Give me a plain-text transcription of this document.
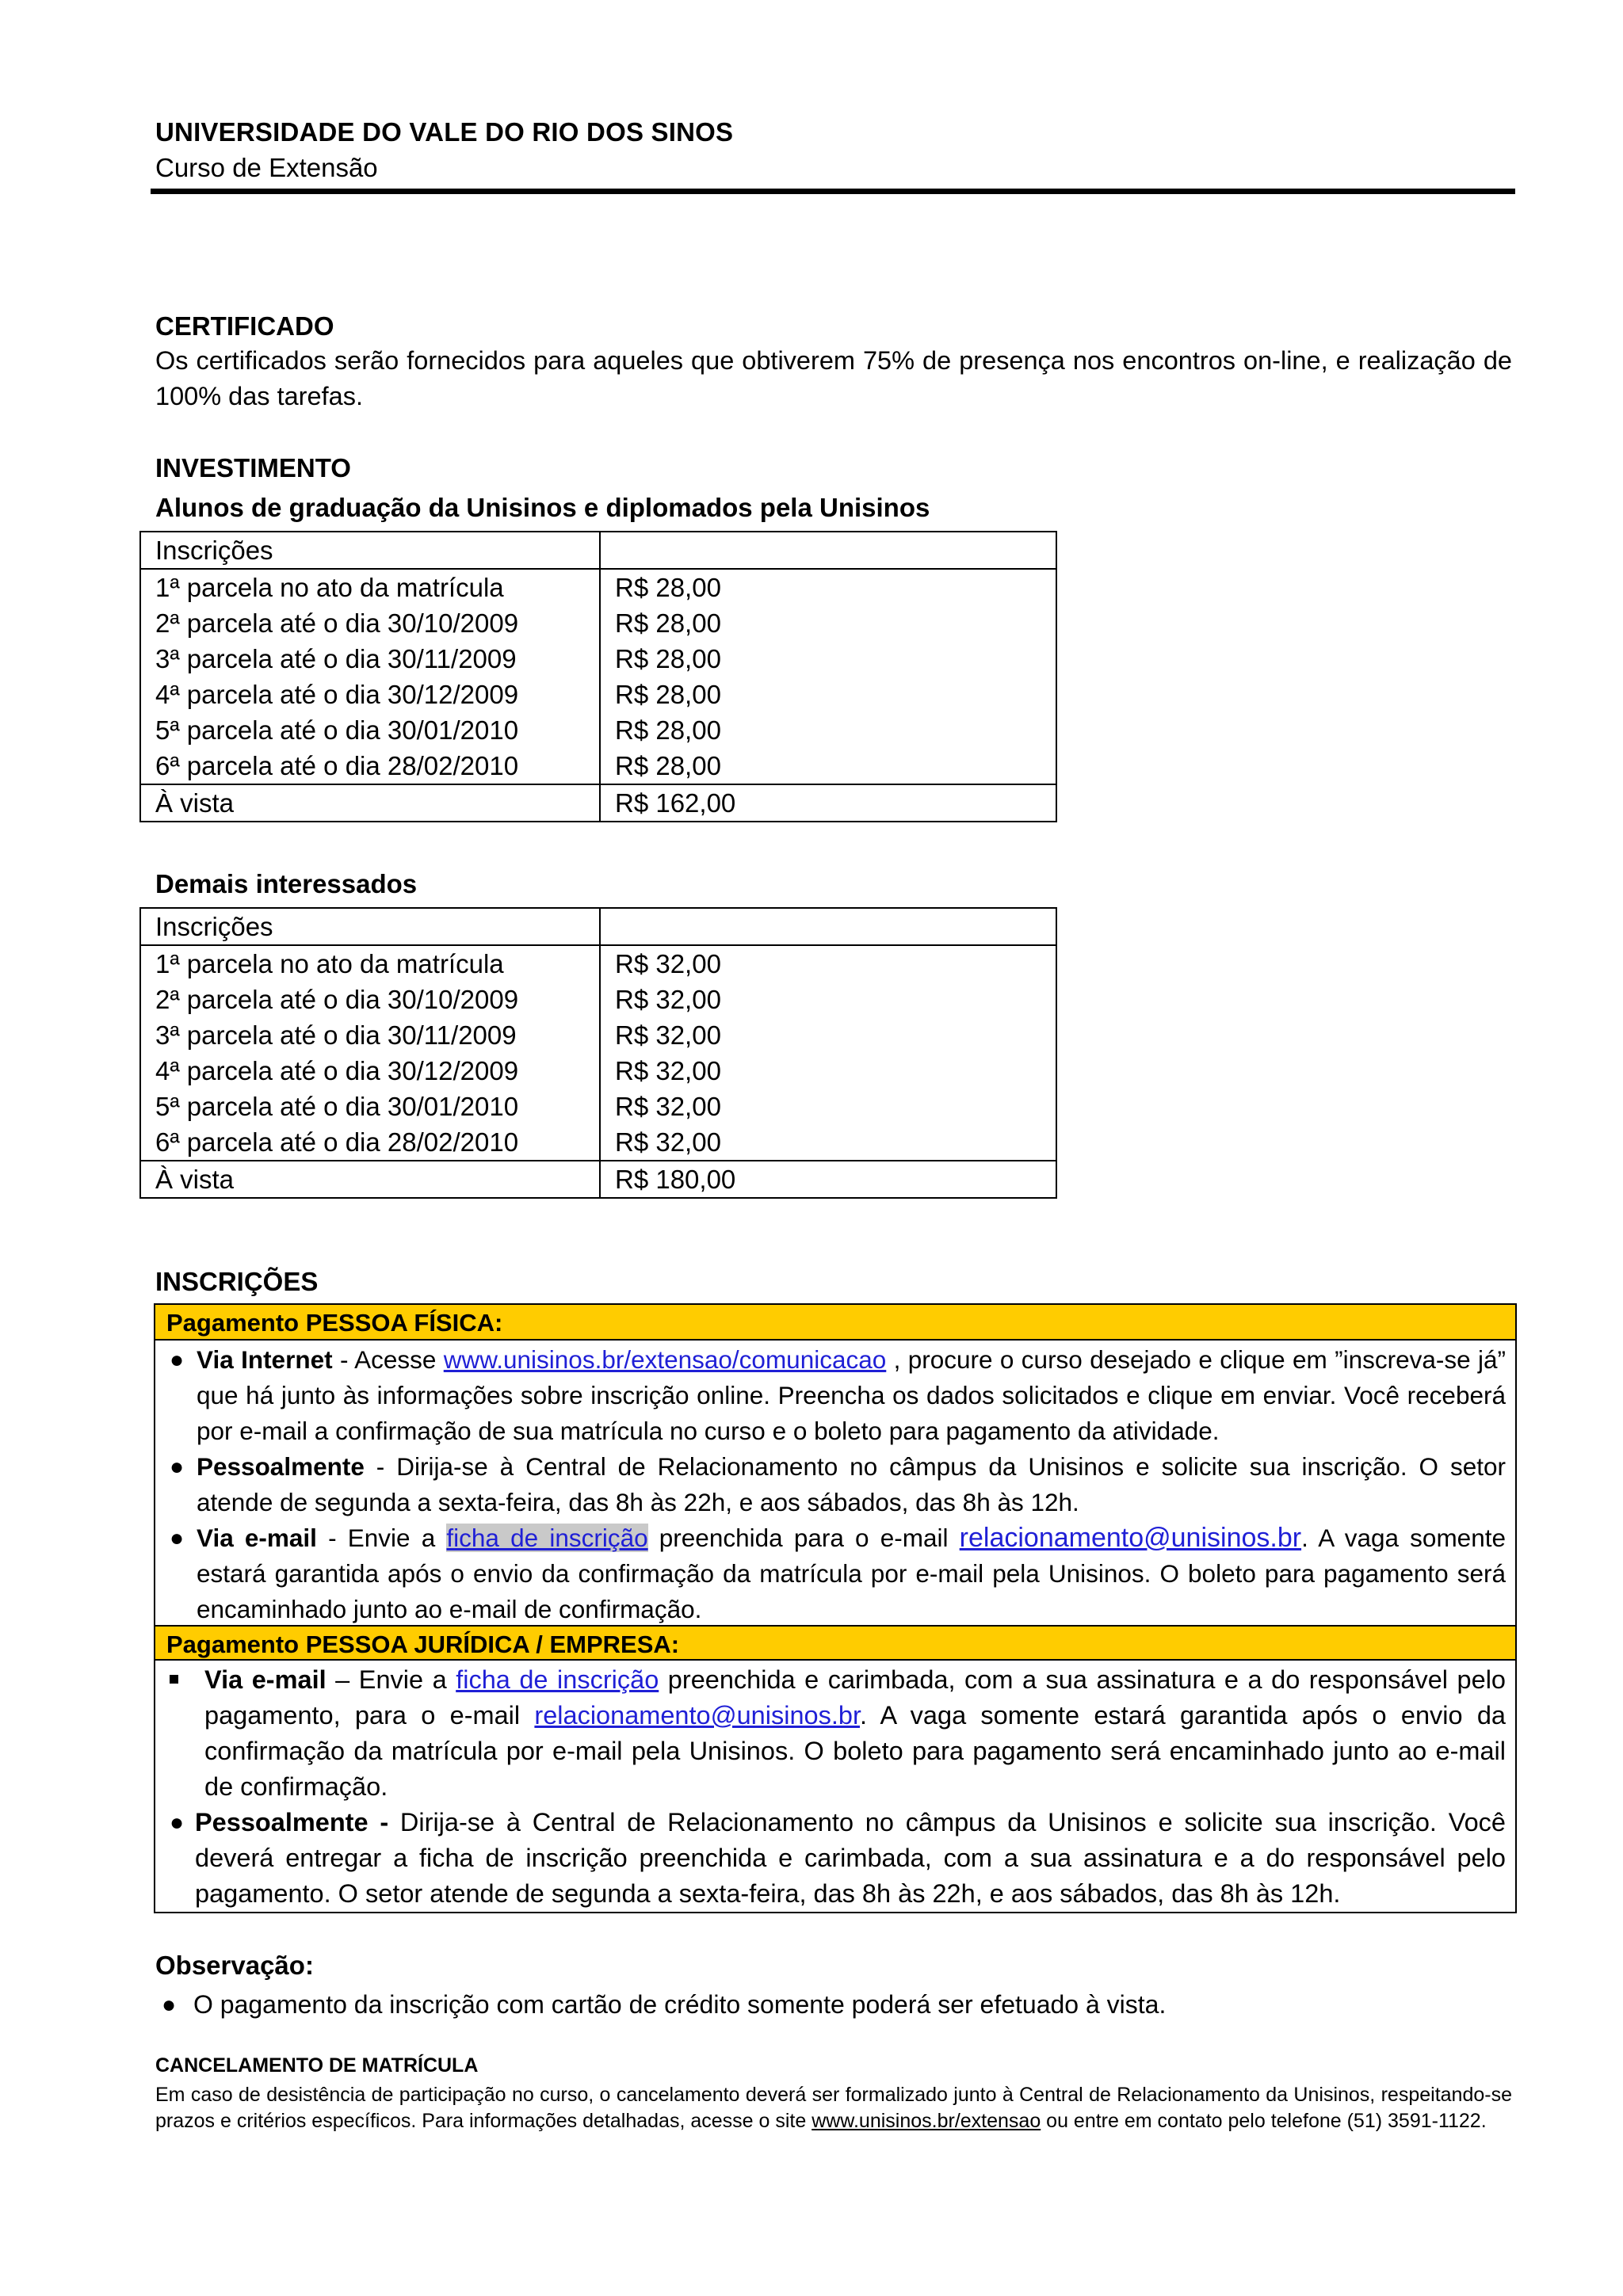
UNIVERSIDADE DO VALE DO RIO DOS SINOS
Curso de Extensão
CERTIFICADO
Os certificados serão fornecidos para aqueles que obtiverem 75% de presença nos encontros on-line, e realização de 100% das tarefas.
INVESTIMENTO
Alunos de graduação da Unisinos e diplomados pela Unisinos
Inscrições	
1ª parcela no ato da matrícula	R$ 28,00
2ª parcela até o dia 30/10/2009	R$ 28,00
3ª parcela até o dia 30/11/2009	R$ 28,00
4ª parcela até o dia 30/12/2009	R$ 28,00
5ª parcela até o dia 30/01/2010	R$ 28,00
6ª parcela até o dia 28/02/2010	R$ 28,00
À vista	R$ 162,00
Demais interessados
Inscrições	
1ª parcela no ato da matrícula	R$ 32,00
2ª parcela até o dia 30/10/2009	R$ 32,00
3ª parcela até o dia 30/11/2009	R$ 32,00
4ª parcela até o dia 30/12/2009	R$ 32,00
5ª parcela até o dia 30/01/2010	R$ 32,00
6ª parcela até o dia 28/02/2010	R$ 32,00
À vista	R$ 180,00
INSCRIÇÕES
Pagamento PESSOA FÍSICA:
● Via Internet - Acesse www.unisinos.br/extensao/comunicacao , procure o curso desejado e clique em ”inscreva-se já” que há junto às informações sobre inscrição online. Preencha os dados solicitados e clique em enviar. Você receberá por e-mail a confirmação de sua matrícula no curso e o boleto para pagamento da atividade.
● Pessoalmente - Dirija-se à Central de Relacionamento no câmpus da Unisinos e solicite sua inscrição. O setor atende de segunda a sexta-feira, das 8h às 22h, e aos sábados, das 8h às 12h.
● Via e-mail - Envie a ficha de inscrição preenchida para o e-mail relacionamento@unisinos.br. A vaga somente estará garantida após o envio da confirmação da matrícula por e-mail pela Unisinos. O boleto para pagamento será encaminhado junto ao e-mail de confirmação.
Pagamento PESSOA JURÍDICA / EMPRESA:
Via e-mail – Envie a ficha de inscrição preenchida e carimbada, com a sua assinatura e a do responsável pelo pagamento, para o e-mail relacionamento@unisinos.br. A vaga somente estará garantida após o envio da confirmação da matrícula por e-mail pela Unisinos. O boleto para pagamento será encaminhado junto ao e-mail de confirmação.
● Pessoalmente - Dirija-se à Central de Relacionamento no câmpus da Unisinos e solicite sua inscrição. Você deverá entregar a ficha de inscrição preenchida e carimbada, com a sua assinatura e a do responsável pelo pagamento. O setor atende de segunda a sexta-feira, das 8h às 22h, e aos sábados, das 8h às 12h.
Observação:
● O pagamento da inscrição com cartão de crédito somente poderá ser efetuado à vista.
CANCELAMENTO DE MATRÍCULA
Em caso de desistência de participação no curso, o cancelamento deverá ser formalizado junto à Central de Relacionamento da Unisinos, respeitando-se prazos e critérios específicos. Para informações detalhadas, acesse o site www.unisinos.br/extensao ou entre em contato pelo telefone (51) 3591-1122.
